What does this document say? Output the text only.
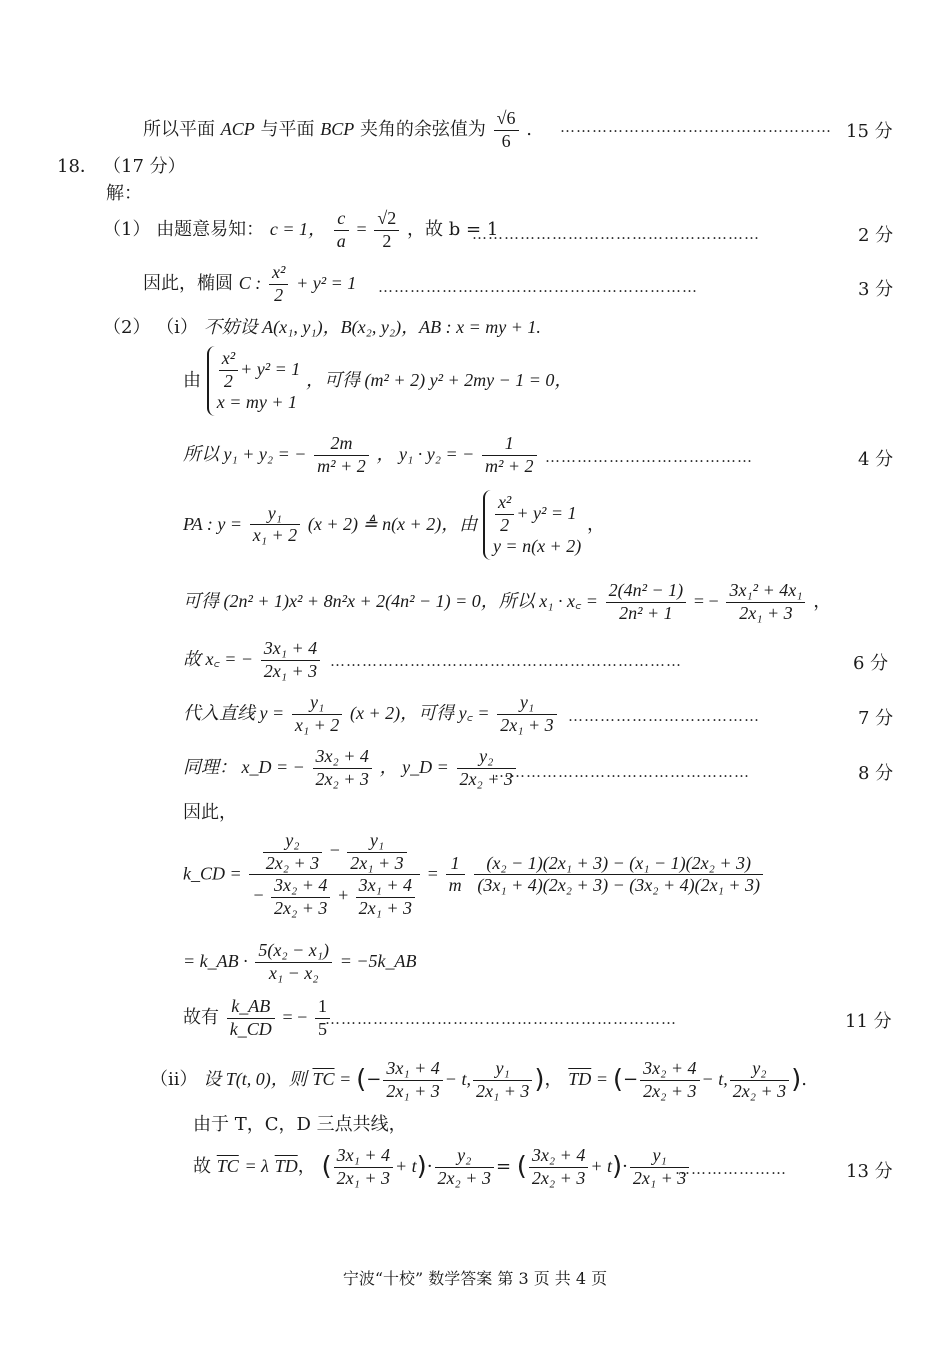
所以平面 ACP 与平面 BCP 夹角的余弦值为 $\frac{√6}{6}$ . …………………………………………… 15 分
18． （17 分）
解：
（1） 由题意易知： c = 1， $\frac{c}{a} = \frac{√2}{2}$ ，故 b = 1
………………………………………………	2 分
因此，椭圆 C : $\frac{\text{x²}}{2} + y^2 = 1$ ……………………………………………………	3 分
（2） （i） 不妨设 A(x₁, y₁)，B(x₂, y₂)，AB : x = my + 1.
由 $\frac{\text{x²}}{2} + y^2 = 1$
x = my + 1
，可得 (m² + 2) y² + 2my − 1 = 0，
所以 y₁ + y₂ = − $\frac{2m}{\text{m² + 2}}$ ， y₁ · y₂ = − $\frac{1}{\text{m² + 2}}$ …………………………………	4 分
PA : $y = \frac{\text{y₁}}{\text{x₁ + 2}} (x + 2)$ ≜ n(x + 2)，由 $\frac{\text{x²}}{2} + y^2 = 1$
y = n(x + 2)
，
可得 (2n² + 1)x² + 8n²x + 2(4n² − 1) = 0，所以 x₁ · x꜀ = $\frac{\text{2(4n² − 1)}}{\text{2n² + 1}}$ = − $\frac{\text{3x₁² + 4x₁}}{\text{2x₁ + 3}}$ ，
故 x꜀ = − $\frac{\text{3x₁ + 4}}{\text{2x₁ + 3}}$ …………………………………………………………	6 分
代入直线 $y = \frac{\text{y₁}}{\text{x₁ + 2}} (x + 2)$，可得 y꜀ = $\frac{\text{y₁}}{\text{2x₁ + 3}}$ ………………………………	7 分
同理： x_D = − $\frac{\text{3x₂ + 4}}{\text{2x₂ + 3}}$ ， y_D = $\frac{\text{y₂}}{\text{2x₂ + 3}}$
…………………………………………	8 分
因此，
k_CD = $\frac{\frac{\text{y₂}}{\text{2x₂ + 3}} - \frac{\text{y₁}}{\text{2x₁ + 3}}}{- \frac{\text{3x₂ + 4}}{\text{2x₂ + 3}} + \frac{\text{3x₁ + 4}}{\text{2x₁ + 3}}} = \frac{1}{m}$
$\frac{\text{(x₂ − 1)(2x₁ + 3) − (x₁ − 1)(2x₂ + 3)}}{\text{(3x₁ + 4)(2x₂ + 3) − (3x₂ + 4)(2x₁ + 3)}}$
= k_AB · $\frac{\text{5(x₂ − x₁)}}{\text{x₁ − x₂}}$ = −5k_AB
故有 $\frac{k\_AB}{k\_CD}$ = − $\frac{1}{5}$
…………………………………………………………	11 分
（ii） 设 T(t, 0)，则 $\overline{TC}$ = (− $\frac{\text{3x₁ + 4}}{\text{2x₁ + 3}} - t$, $\frac{\text{y₁}}{\text{2x₁ + 3}}$ )， $\overline{TD}$ = (− $\frac{\text{3x₂ + 4}}{\text{2x₂ + 3}} - t$, $\frac{\text{y₂}}{\text{2x₂ + 3}}$ ).
由于 T，C，D 三点共线，
故 $\overline{TC} = \lambda$ $\overline{TD}$， ( $\frac{\text{3x₁ + 4}}{\text{2x₁ + 3}} + t)\cdot \frac{\text{y₂}}{\text{2x₂ + 3}}$ = ( $\frac{\text{3x₂ + 4}}{\text{2x₂ + 3}} + t)\cdot \frac{\text{y₁}}{\text{2x₁ + 3}}$
…………………	13 分
宁波“十校” 数学答案 第 3 页 共 4 页
